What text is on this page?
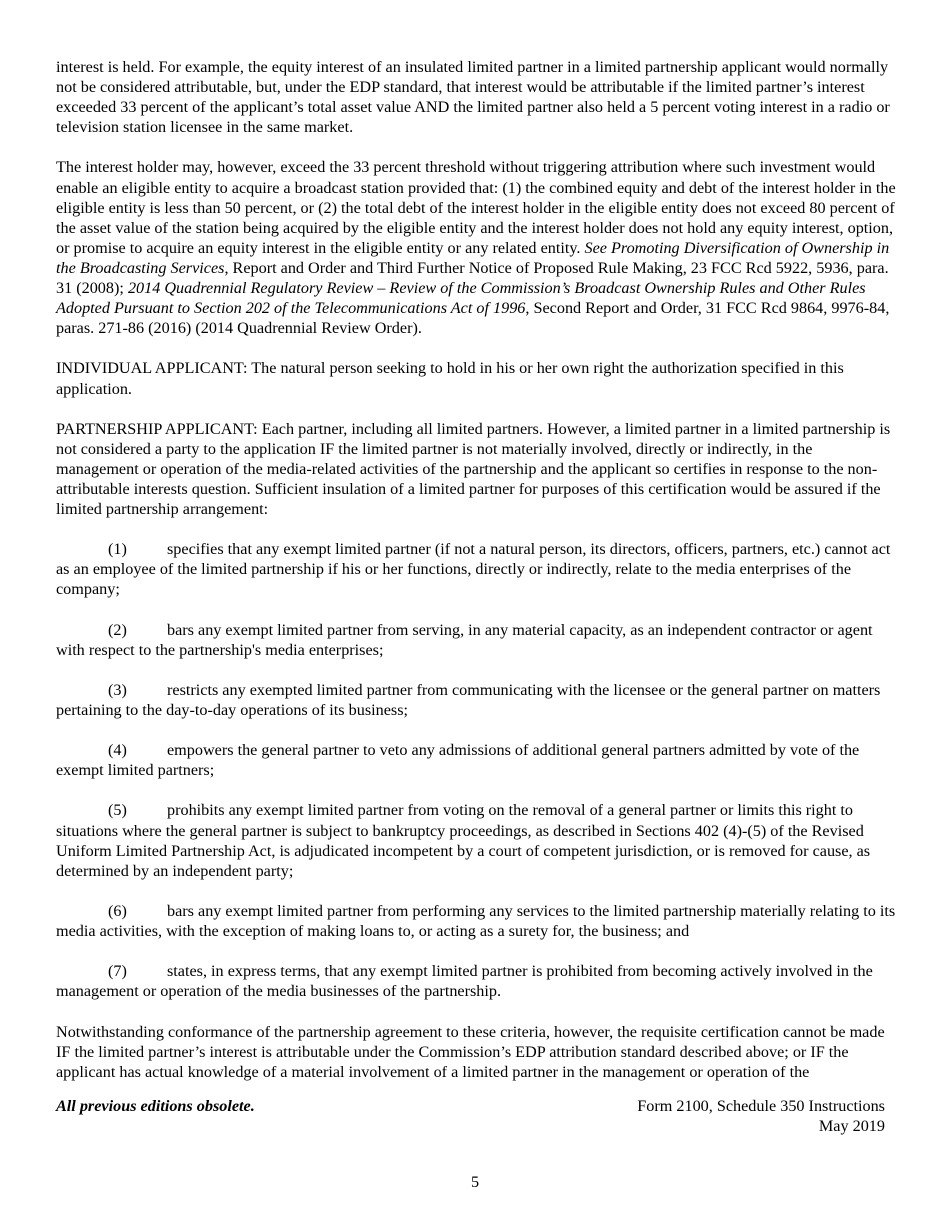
interest is held. For example, the equity interest of an insulated limited partner in a limited partnership applicant would normally not be considered attributable, but, under the EDP standard, that interest would be attributable if the limited partner’s interest exceeded 33 percent of the applicant’s total asset value AND the limited partner also held a 5 percent voting interest in a radio or television station licensee in the same market.

The interest holder may, however, exceed the 33 percent threshold without triggering attribution where such investment would enable an eligible entity to acquire a broadcast station provided that: (1) the combined equity and debt of the interest holder in the eligible entity is less than 50 percent, or (2) the total debt of the interest holder in the eligible entity does not exceed 80 percent of the asset value of the station being acquired by the eligible entity and the interest holder does not hold any equity interest, option, or promise to acquire an equity interest in the eligible entity or any related entity. See Promoting Diversification of Ownership in the Broadcasting Services, Report and Order and Third Further Notice of Proposed Rule Making, 23 FCC Rcd 5922, 5936, para. 31 (2008); 2014 Quadrennial Regulatory Review – Review of the Commission’s Broadcast Ownership Rules and Other Rules Adopted Pursuant to Section 202 of the Telecommunications Act of 1996, Second Report and Order, 31 FCC Rcd 9864, 9976-84, paras. 271-86 (2016) (2014 Quadrennial Review Order).

INDIVIDUAL APPLICANT: The natural person seeking to hold in his or her own right the authorization specified in this application.

PARTNERSHIP APPLICANT: Each partner, including all limited partners. However, a limited partner in a limited partnership is not considered a party to the application IF the limited partner is not materially involved, directly or indirectly, in the management or operation of the media-related activities of the partnership and the applicant so certifies in response to the non-attributable interests question. Sufficient insulation of a limited partner for purposes of this certification would be assured if the limited partnership arrangement:

(1) specifies that any exempt limited partner (if not a natural person, its directors, officers, partners, etc.) cannot act as an employee of the limited partnership if his or her functions, directly or indirectly, relate to the media enterprises of the company;

(2) bars any exempt limited partner from serving, in any material capacity, as an independent contractor or agent with respect to the partnership's media enterprises;

(3) restricts any exempted limited partner from communicating with the licensee or the general partner on matters pertaining to the day-to-day operations of its business;

(4) empowers the general partner to veto any admissions of additional general partners admitted by vote of the exempt limited partners;

(5) prohibits any exempt limited partner from voting on the removal of a general partner or limits this right to situations where the general partner is subject to bankruptcy proceedings, as described in Sections 402 (4)-(5) of the Revised Uniform Limited Partnership Act, is adjudicated incompetent by a court of competent jurisdiction, or is removed for cause, as determined by an independent party;

(6) bars any exempt limited partner from performing any services to the limited partnership materially relating to its media activities, with the exception of making loans to, or acting as a surety for, the business; and

(7) states, in express terms, that any exempt limited partner is prohibited from becoming actively involved in the management or operation of the media businesses of the partnership.

Notwithstanding conformance of the partnership agreement to these criteria, however, the requisite certification cannot be made IF the limited partner’s interest is attributable under the Commission’s EDP attribution standard described above; or IF the applicant has actual knowledge of a material involvement of a limited partner in the management or operation of the

All previous editions obsolete.	Form 2100, Schedule 350 Instructions
May 2019
5
